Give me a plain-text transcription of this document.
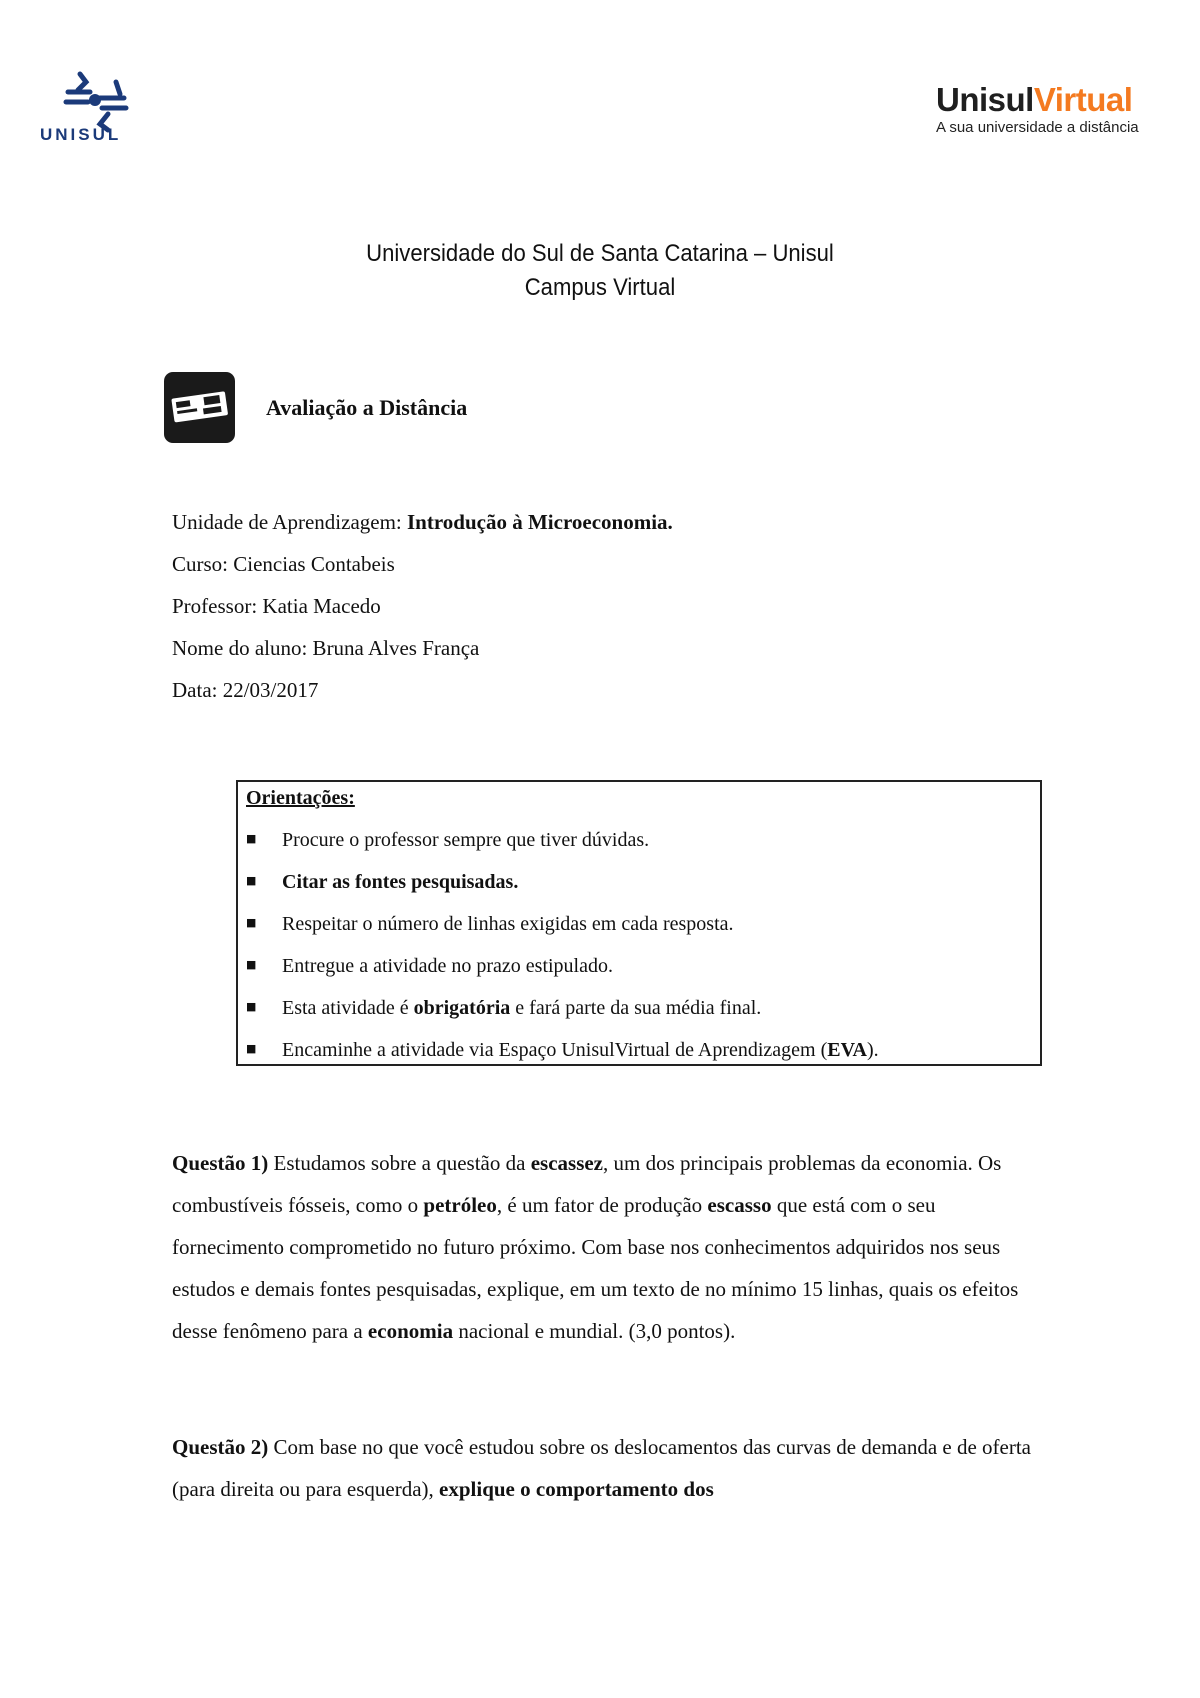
UNISUL
UnisulVirtual
A sua universidade a distância
Universidade do Sul de Santa Catarina – Unisul
Campus Virtual
Avaliação a Distância
Unidade de Aprendizagem: Introdução à Microeconomia.
Curso: Ciencias Contabeis
Professor: Katia Macedo
Nome do aluno: Bruna Alves França
Data: 22/03/2017
Orientações:
■ Procure o professor sempre que tiver dúvidas.
■ Citar as fontes pesquisadas.
■ Respeitar o número de linhas exigidas em cada resposta.
■ Entregue a atividade no prazo estipulado.
■ Esta atividade é obrigatória e fará parte da sua média final.
■ Encaminhe a atividade via Espaço UnisulVirtual de Aprendizagem (EVA).
Questão 1) Estudamos sobre a questão da escassez, um dos principais problemas da economia. Os combustíveis fósseis, como o petróleo, é um fator de produção escasso que está com o seu fornecimento comprometido no futuro próximo. Com base nos conhecimentos adquiridos nos seus estudos e demais fontes pesquisadas, explique, em um texto de no mínimo 15 linhas, quais os efeitos desse fenômeno para a economia nacional e mundial. (3,0 pontos).
Questão 2) Com base no que você estudou sobre os deslocamentos das curvas de demanda e de oferta (para direita ou para esquerda), explique o comportamento dos
